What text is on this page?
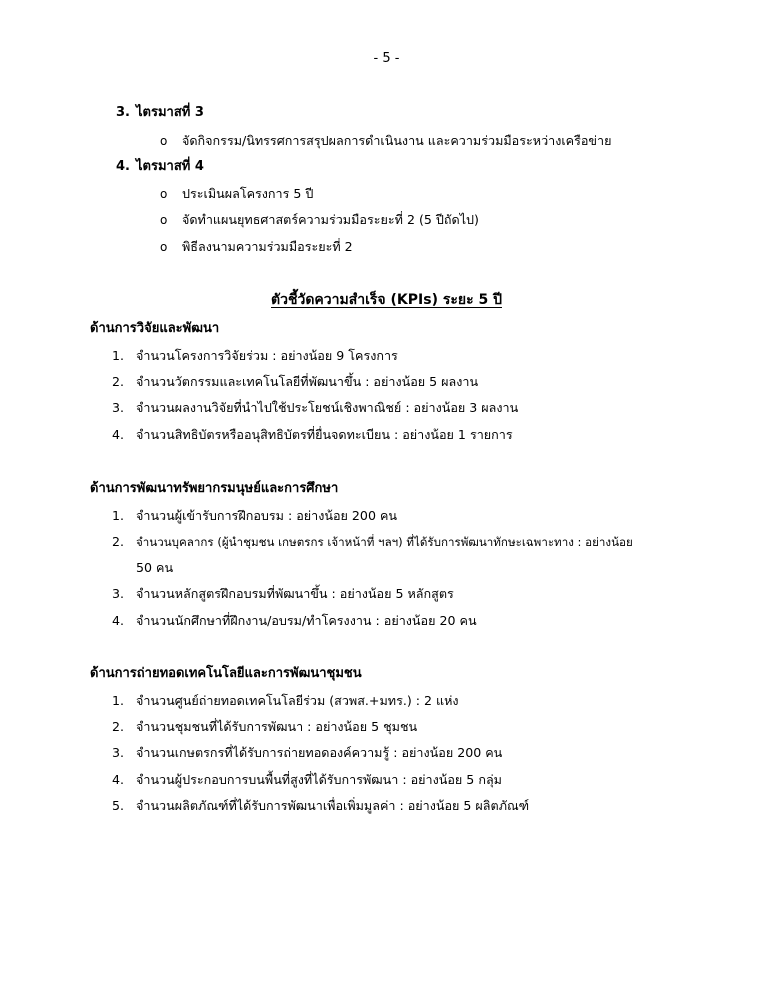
- 5 -
3. ไตรมาสที่ 3
o จัดกิจกรรม/นิทรรศการสรุปผลการดำเนินงาน และความร่วมมือระหว่างเครือข่าย
4. ไตรมาสที่ 4
o ประเมินผลโครงการ 5 ปี
o จัดทำแผนยุทธศาสตร์ความร่วมมือระยะที่ 2 (5 ปีถัดไป)
o พิธีลงนามความร่วมมือระยะที่ 2
ตัวชี้วัดความสำเร็จ (KPIs) ระยะ 5 ปี
ด้านการวิจัยและพัฒนา
1. จำนวนโครงการวิจัยร่วม : อย่างน้อย 9 โครงการ
2. จำนวนวัตกรรมและเทคโนโลยีที่พัฒนาขึ้น : อย่างน้อย 5 ผลงาน
3. จำนวนผลงานวิจัยที่นำไปใช้ประโยชน์เชิงพาณิชย์ : อย่างน้อย 3 ผลงาน
4. จำนวนสิทธิบัตรหรืออนุสิทธิบัตรที่ยื่นจดทะเบียน : อย่างน้อย 1 รายการ
ด้านการพัฒนาทรัพยากรมนุษย์และการศึกษา
1. จำนวนผู้เข้ารับการฝึกอบรม : อย่างน้อย 200 คน
2. จำนวนบุคลากร (ผู้นำชุมชน เกษตรกร เจ้าหน้าที่ ฯลฯ) ที่ได้รับการพัฒนาทักษะเฉพาะทาง : อย่างน้อย
50 คน
3. จำนวนหลักสูตรฝึกอบรมที่พัฒนาขึ้น : อย่างน้อย 5 หลักสูตร
4. จำนวนนักศึกษาที่ฝึกงาน/อบรม/ทำโครงงาน : อย่างน้อย 20 คน
ด้านการถ่ายทอดเทคโนโลยีและการพัฒนาชุมชน
1. จำนวนศูนย์ถ่ายทอดเทคโนโลยีร่วม (สวพส.+มทร.) : 2 แห่ง
2. จำนวนชุมชนที่ได้รับการพัฒนา : อย่างน้อย 5 ชุมชน
3. จำนวนเกษตรกรที่ได้รับการถ่ายทอดองค์ความรู้ : อย่างน้อย 200 คน
4. จำนวนผู้ประกอบการบนพื้นที่สูงที่ได้รับการพัฒนา : อย่างน้อย 5 กลุ่ม
5. จำนวนผลิตภัณฑ์ที่ได้รับการพัฒนาเพื่อเพิ่มมูลค่า : อย่างน้อย 5 ผลิตภัณฑ์
